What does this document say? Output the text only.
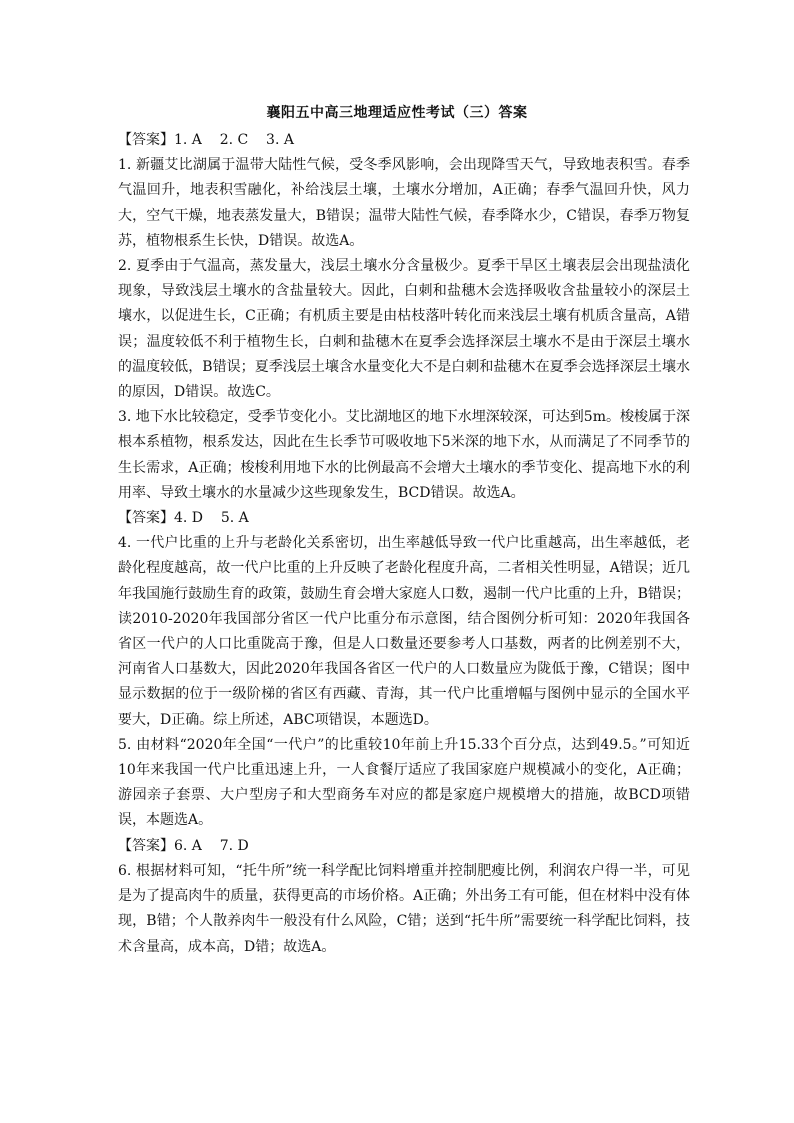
襄阳五中高三地理适应性考试（三）答案

【答案】1. A    2. C    3. A

1. 新疆艾比湖属于温带大陆性气候，受冬季风影响，会出现降雪天气，导致地表积雪。春季气温回升，地表积雪融化，补给浅层土壤，土壤水分增加，A正确；春季气温回升快，风力大，空气干燥，地表蒸发量大，B错误；温带大陆性气候，春季降水少，C错误，春季万物复苏，植物根系生长快，D错误。故选A。

2. 夏季由于气温高，蒸发量大，浅层土壤水分含量极少。夏季干旱区土壤表层会出现盐渍化现象，导致浅层土壤水的含盐量较大。因此，白刺和盐穗木会选择吸收含盐量较小的深层土壤水，以促进生长，C正确；有机质主要是由枯枝落叶转化而来浅层土壤有机质含量高，A错误；温度较低不利于植物生长，白刺和盐穗木在夏季会选择深层土壤水不是由于深层土壤水的温度较低，B错误；夏季浅层土壤含水量变化大不是白刺和盐穗木在夏季会选择深层土壤水的原因，D错误。故选C。

3. 地下水比较稳定，受季节变化小。艾比湖地区的地下水埋深较深，可达到5m。梭梭属于深根本系植物，根系发达，因此在生长季节可吸收地下5米深的地下水，从而满足了不同季节的生长需求，A正确；梭梭利用地下水的比例最高不会增大土壤水的季节变化、提高地下水的利用率、导致土壤水的水量减少这些现象发生，BCD错误。故选A。

【答案】4. D    5. A

4. 一代户比重的上升与老龄化关系密切，出生率越低导致一代户比重越高，出生率越低，老龄化程度越高，故一代户比重的上升反映了老龄化程度升高，二者相关性明显，A错误；近几年我国施行鼓励生育的政策，鼓励生育会增大家庭人口数，遏制一代户比重的上升，B错误；读2010-2020年我国部分省区一代户比重分布示意图，结合图例分析可知：2020年我国各省区一代户的人口比重陇高于豫，但是人口数量还要参考人口基数，两者的比例差别不大，河南省人口基数大，因此2020年我国各省区一代户的人口数量应为陇低于豫，C错误；图中显示数据的位于一级阶梯的省区有西藏、青海，其一代户比重增幅与图例中显示的全国水平要大，D正确。综上所述，ABC项错误，本题选D。

5. 由材料“2020年全国“一代户”的比重较10年前上升15.33个百分点，达到49.5。”可知近10年来我国一代户比重迅速上升，一人食餐厅适应了我国家庭户规模减小的变化，A正确；游园亲子套票、大户型房子和大型商务车对应的都是家庭户规模增大的措施，故BCD项错误，本题选A。

【答案】6. A    7. D

6. 根据材料可知，“托牛所”统一科学配比饲料增重并控制肥瘦比例，利润农户得一半，可见是为了提高肉牛的质量，获得更高的市场价格。A正确；外出务工有可能，但在材料中没有体现，B错；个人散养肉牛一般没有什么风险，C错；送到“托牛所”需要统一科学配比饲料，技术含量高，成本高，D错；故选A。
